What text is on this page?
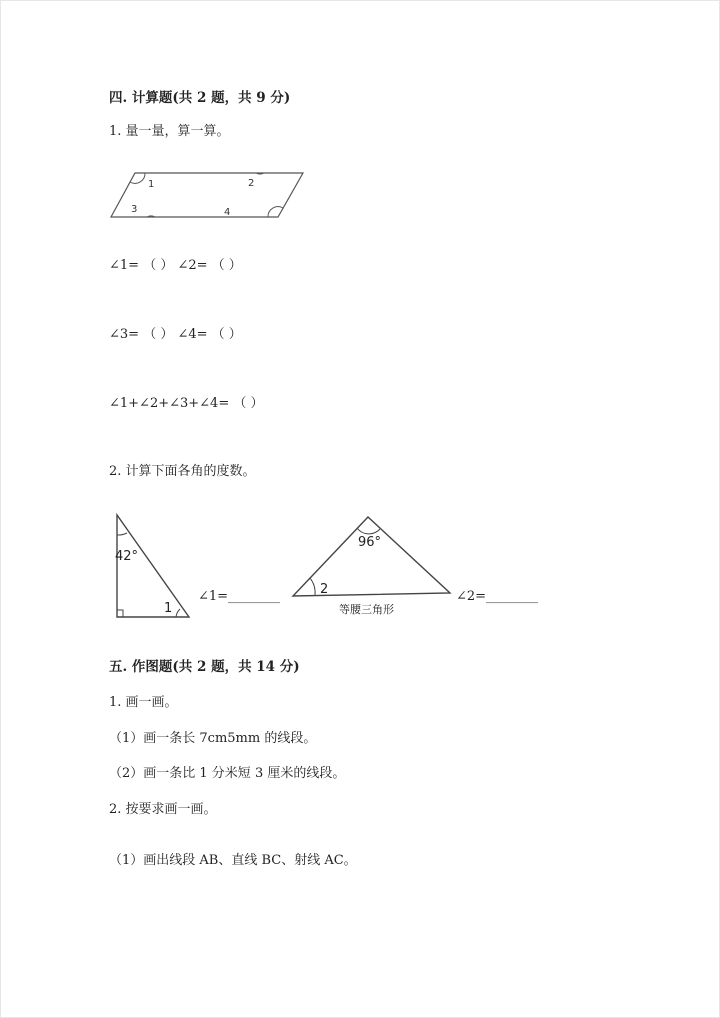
四. 计算题(共 2 题，共 9 分)
1. 量一量，算一算。
1	2
3	4
∠1= （ ） ∠2= （ ）
∠3= （ ） ∠4= （ ）
∠1+∠2+∠3+∠4= （ ）
2. 计算下面各角的度数。
42°
1
∠1=________
96°
2
等腰三角形
∠2=________
五. 作图题(共 2 题，共 14 分)
1. 画一画。
（1）画一条长 7cm5mm 的线段。
（2）画一条比 1 分米短 3 厘米的线段。
2. 按要求画一画。
（1）画出线段 AB、直线 BC、射线 AC。
